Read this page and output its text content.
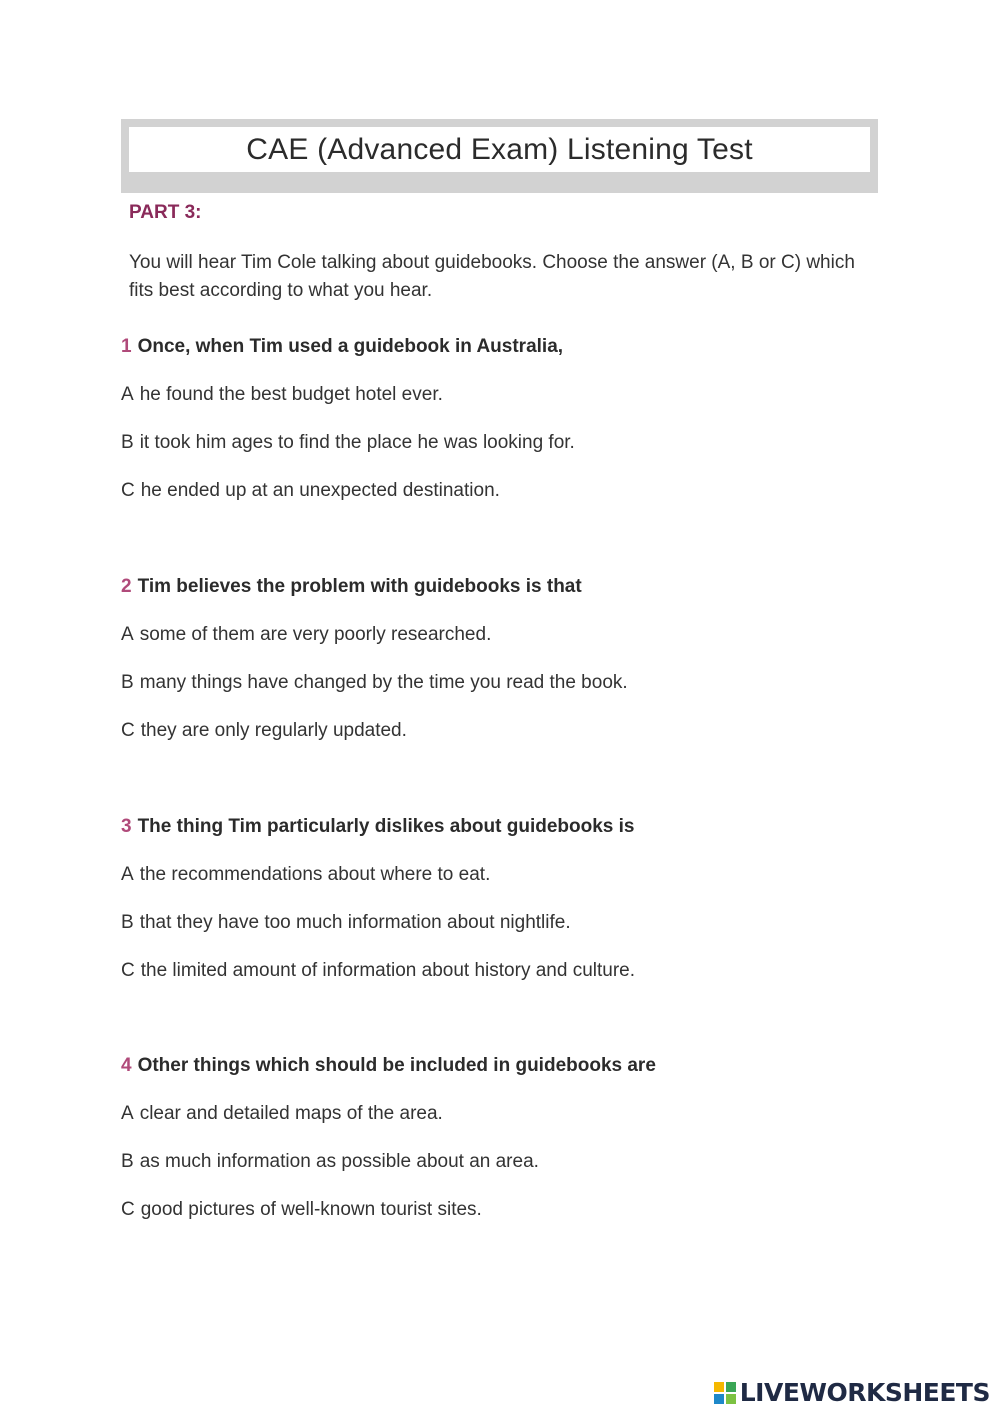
CAE (Advanced Exam) Listening Test
PART 3:
You will hear Tim Cole talking about guidebooks. Choose the answer (A, B or C) which fits best according to what you hear.
1 Once, when Tim used a guidebook in Australia,
A he found the best budget hotel ever.
B it took him ages to find the place he was looking for.
C he ended up at an unexpected destination.
2 Tim believes the problem with guidebooks is that
A some of them are very poorly researched.
B many things have changed by the time you read the book.
C they are only regularly updated.
3 The thing Tim particularly dislikes about guidebooks is
A the recommendations about where to eat.
B that they have too much information about nightlife.
C the limited amount of information about history and culture.
4 Other things which should be included in guidebooks are
A clear and detailed maps of the area.
B as much information as possible about an area.
C good pictures of well-known tourist sites.
LIVEWORKSHEETS
